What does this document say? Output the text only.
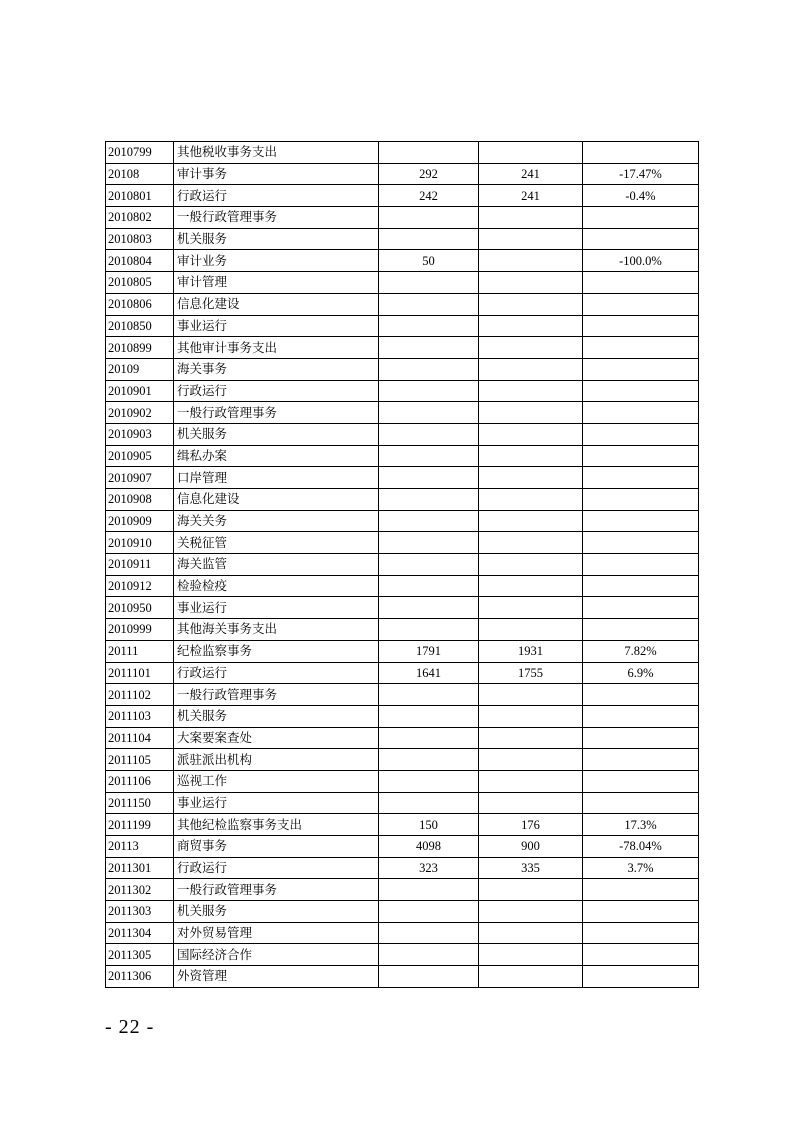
2010799	其他税收事务支出			
20108	审计事务	292	241	-17.47%
2010801	行政运行	242	241	-0.4%
2010802	一般行政管理事务			
2010803	机关服务			
2010804	审计业务	50		-100.0%
2010805	审计管理			
2010806	信息化建设			
2010850	事业运行			
2010899	其他审计事务支出			
20109	海关事务			
2010901	行政运行			
2010902	一般行政管理事务			
2010903	机关服务			
2010905	缉私办案			
2010907	口岸管理			
2010908	信息化建设			
2010909	海关关务			
2010910	关税征管			
2010911	海关监管			
2010912	检验检疫			
2010950	事业运行			
2010999	其他海关事务支出			
20111	纪检监察事务	1791	1931	7.82%
2011101	行政运行	1641	1755	6.9%
2011102	一般行政管理事务			
2011103	机关服务			
2011104	大案要案查处			
2011105	派驻派出机构			
2011106	巡视工作			
2011150	事业运行			
2011199	其他纪检监察事务支出	150	176	17.3%
20113	商贸事务	4098	900	-78.04%
2011301	行政运行	323	335	3.7%
2011302	一般行政管理事务			
2011303	机关服务			
2011304	对外贸易管理			
2011305	国际经济合作			
2011306	外资管理			
- 22 -
